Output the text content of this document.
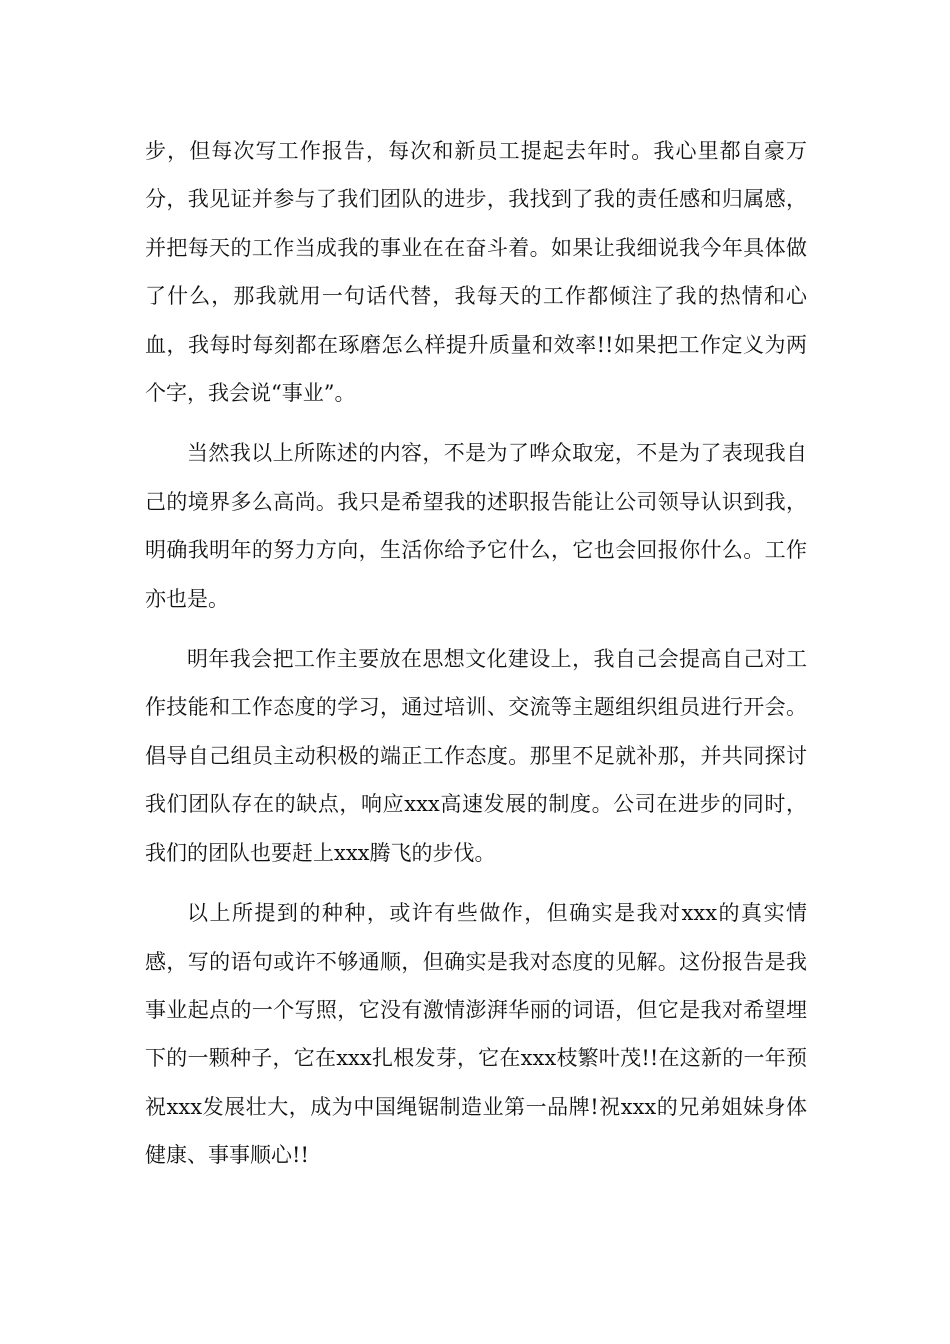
步，但每次写工作报告，每次和新员工提起去年时。我心里都自豪万分，我见证并参与了我们团队的进步，我找到了我的责任感和归属感，并把每天的工作当成我的事业在在奋斗着。如果让我细说我今年具体做了什么，那我就用一句话代替，我每天的工作都倾注了我的热情和心血，我每时每刻都在琢磨怎么样提升质量和效率!!如果把工作定义为两个字，我会说“事业”。

当然我以上所陈述的内容，不是为了哗众取宠，不是为了表现我自己的境界多么高尚。我只是希望我的述职报告能让公司领导认识到我，明确我明年的努力方向，生活你给予它什么，它也会回报你什么。工作亦也是。

明年我会把工作主要放在思想文化建设上，我自己会提高自己对工作技能和工作态度的学习，通过培训、交流等主题组织组员进行开会。倡导自己组员主动积极的端正工作态度。那里不足就补那，并共同探讨我们团队存在的缺点，响应xxx高速发展的制度。公司在进步的同时，我们的团队也要赶上xxx腾飞的步伐。

以上所提到的种种，或许有些做作，但确实是我对xxx的真实情感，写的语句或许不够通顺，但确实是我对态度的见解。这份报告是我事业起点的一个写照，它没有激情澎湃华丽的词语，但它是我对希望埋下的一颗种子，它在xxx扎根发芽，它在xxx枝繁叶茂!!在这新的一年预祝xxx发展壮大，成为中国绳锯制造业第一品牌!祝xxx的兄弟姐妹身体健康、事事顺心!!
